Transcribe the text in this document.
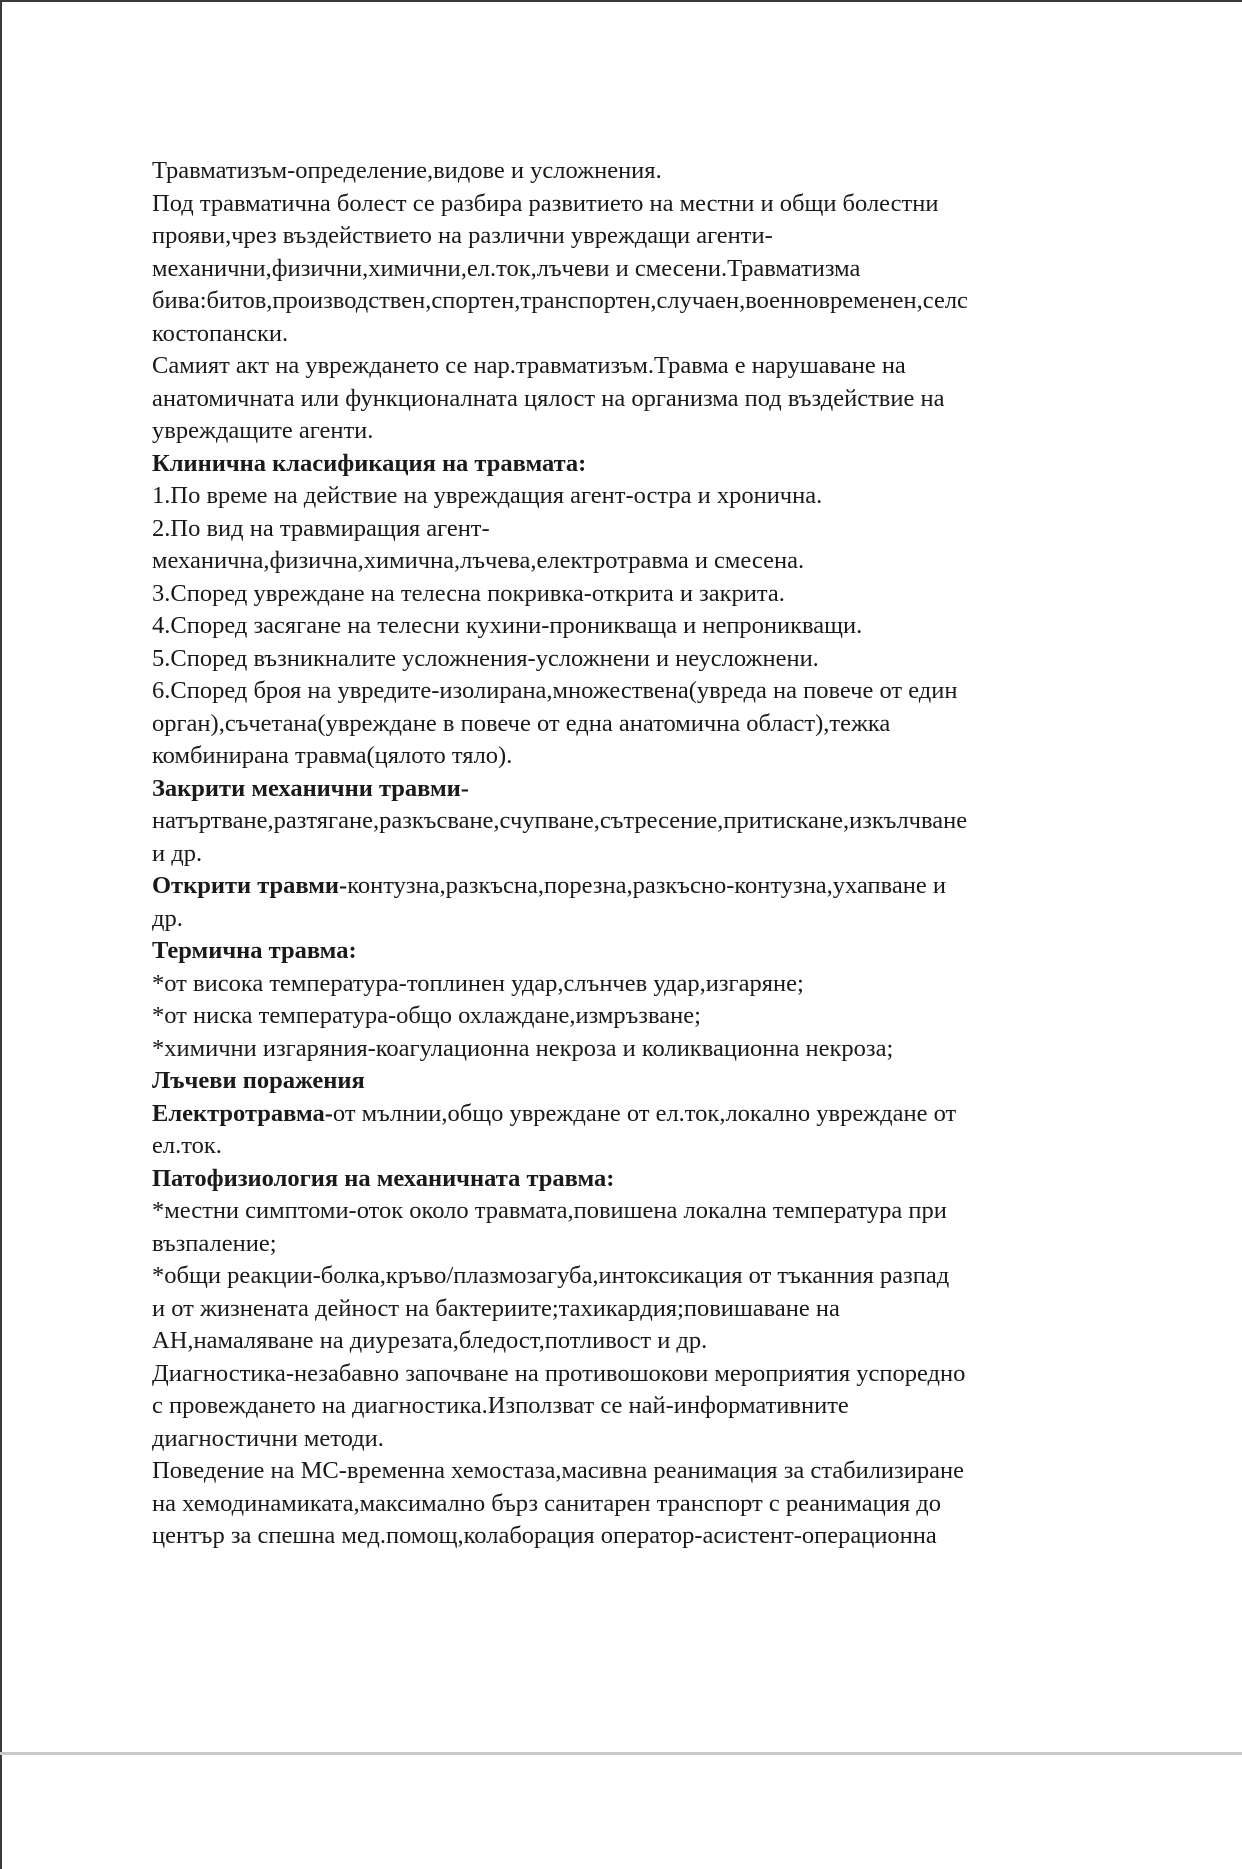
Травматизъм-определение,видове и усложнения.
Под травматична болест се разбира развитието на местни и общи болестни
прояви,чрез въздействието на различни увреждащи агенти-
механични,физични,химични,ел.ток,лъчеви и смесени.Травматизма
бива:битов,производствен,спортен,транспортен,случаен,военновременен,селс
костопански.
Самият акт на увреждането се нар.травматизъм.Травма е нарушаване на
анатомичната или функционалната цялост на организма под въздействие на
увреждащите агенти.
Клинична класификация на травмата:
1.По време на действие на увреждащия агент-остра и хронична.
2.По вид на травмиращия агент-
механична,физична,химична,лъчева,електротравма и смесена.
3.Според увреждане на телесна покривка-открита и закрита.
4.Според засягане на телесни кухини-проникваща и непроникващи.
5.Според възникналите усложнения-усложнени и неусложнени.
6.Според броя на увредите-изолирана,множествена(увреда на повече от един
орган),съчетана(увреждане в повече от една анатомична област),тежка
комбинирана травма(цялото тяло).
Закрити механични травми-
натъртване,разтягане,разкъсване,счупване,сътресение,притискане,изкълчване
и др.
Открити травми-контузна,разкъсна,порезна,разкъсно-контузна,ухапване и
др.
Термична травма:
*от висока температура-топлинен удар,слънчев удар,изгаряне;
*от ниска температура-общо охлаждане,измръзване;
*химични изгаряния-коагулационна некроза и коликвационна некроза;
Лъчеви поражения
Електротравма-от мълнии,общо увреждане от ел.ток,локално увреждане от
ел.ток.
Патофизиология на механичната травма:
*местни симптоми-оток около травмата,повишена локална температура при
възпаление;
*общи реакции-болка,кръво/плазмозагуба,интоксикация от тъканния разпад
и от жизнената дейност на бактериите;тахикардия;повишаване на
АН,намаляване на диурезата,бледост,потливост и др.
Диагностика-незабавно започване на противошокови мероприятия успоредно
с провеждането на диагностика.Използват се най-информативните
диагностични методи.
Поведение на МС-временна хемостаза,масивна реанимация за стабилизиране
на хемодинамиката,максимално бърз санитарен транспорт с реанимация до
център за спешна мед.помощ,колаборация оператор-асистент-операционна
